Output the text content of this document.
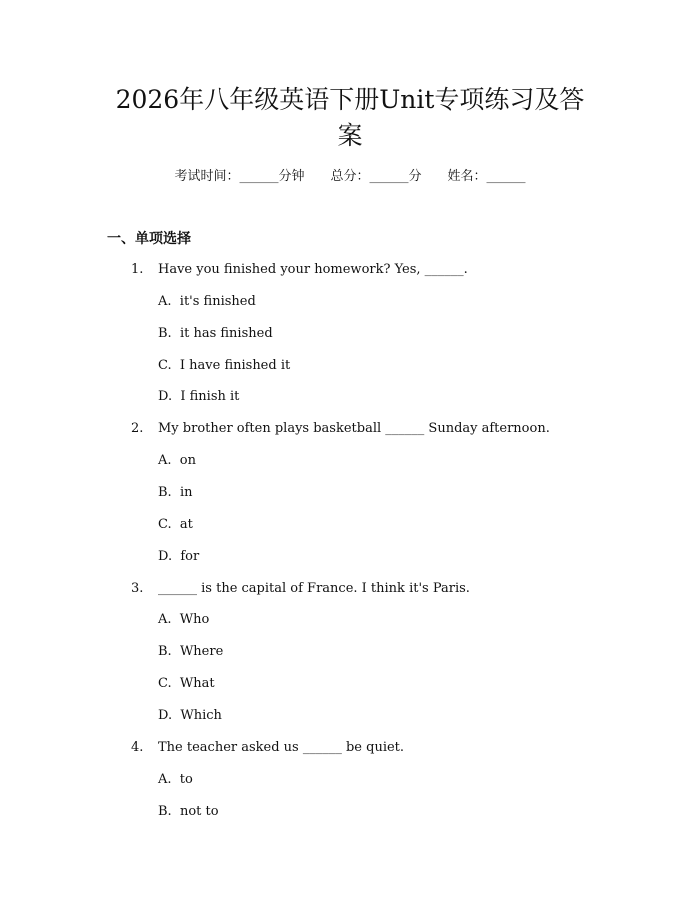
2026年八年级英语下册Unit专项练习及答
案
考试时间：______分钟 总分：______分 姓名：______
一、单项选择
1. Have you finished your homework? Yes, ______.
A.  it's finished
B.  it has finished
C.  I have finished it
D.  I finish it
2. My brother often plays basketball ______ Sunday afternoon.
A.  on
B.  in
C.  at
D.  for
3. ______ is the capital of France. I think it's Paris.
A.  Who
B.  Where
C.  What
D.  Which
4. The teacher asked us ______ be quiet.
A.  to
B.  not to
